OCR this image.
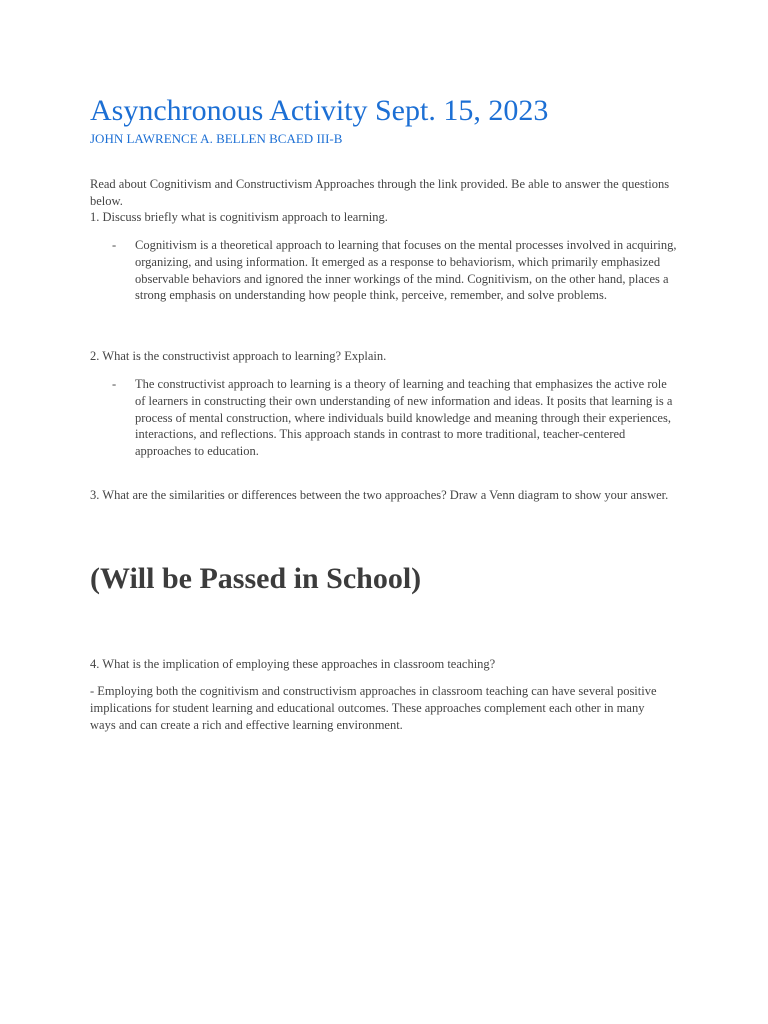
Asynchronous Activity Sept. 15, 2023

JOHN LAWRENCE A. BELLEN BCAED III-B

Read about Cognitivism and Constructivism Approaches through the link provided. Be able to answer the questions below.

1. Discuss briefly what is cognitivism approach to learning.

- Cognitivism is a theoretical approach to learning that focuses on the mental processes involved in acquiring, organizing, and using information. It emerged as a response to behaviorism, which primarily emphasized observable behaviors and ignored the inner workings of the mind. Cognitivism, on the other hand, places a strong emphasis on understanding how people think, perceive, remember, and solve problems.

2. What is the constructivist approach to learning? Explain.

- The constructivist approach to learning is a theory of learning and teaching that emphasizes the active role of learners in constructing their own understanding of new information and ideas. It posits that learning is a process of mental construction, where individuals build knowledge and meaning through their experiences, interactions, and reflections. This approach stands in contrast to more traditional, teacher-centered approaches to education.

3. What are the similarities or differences between the two approaches? Draw a Venn diagram to show your answer.

(Will be Passed in School)

4. What is the implication of employing these approaches in classroom teaching?

- Employing both the cognitivism and constructivism approaches in classroom teaching can have several positive implications for student learning and educational outcomes. These approaches complement each other in many ways and can create a rich and effective learning environment.
